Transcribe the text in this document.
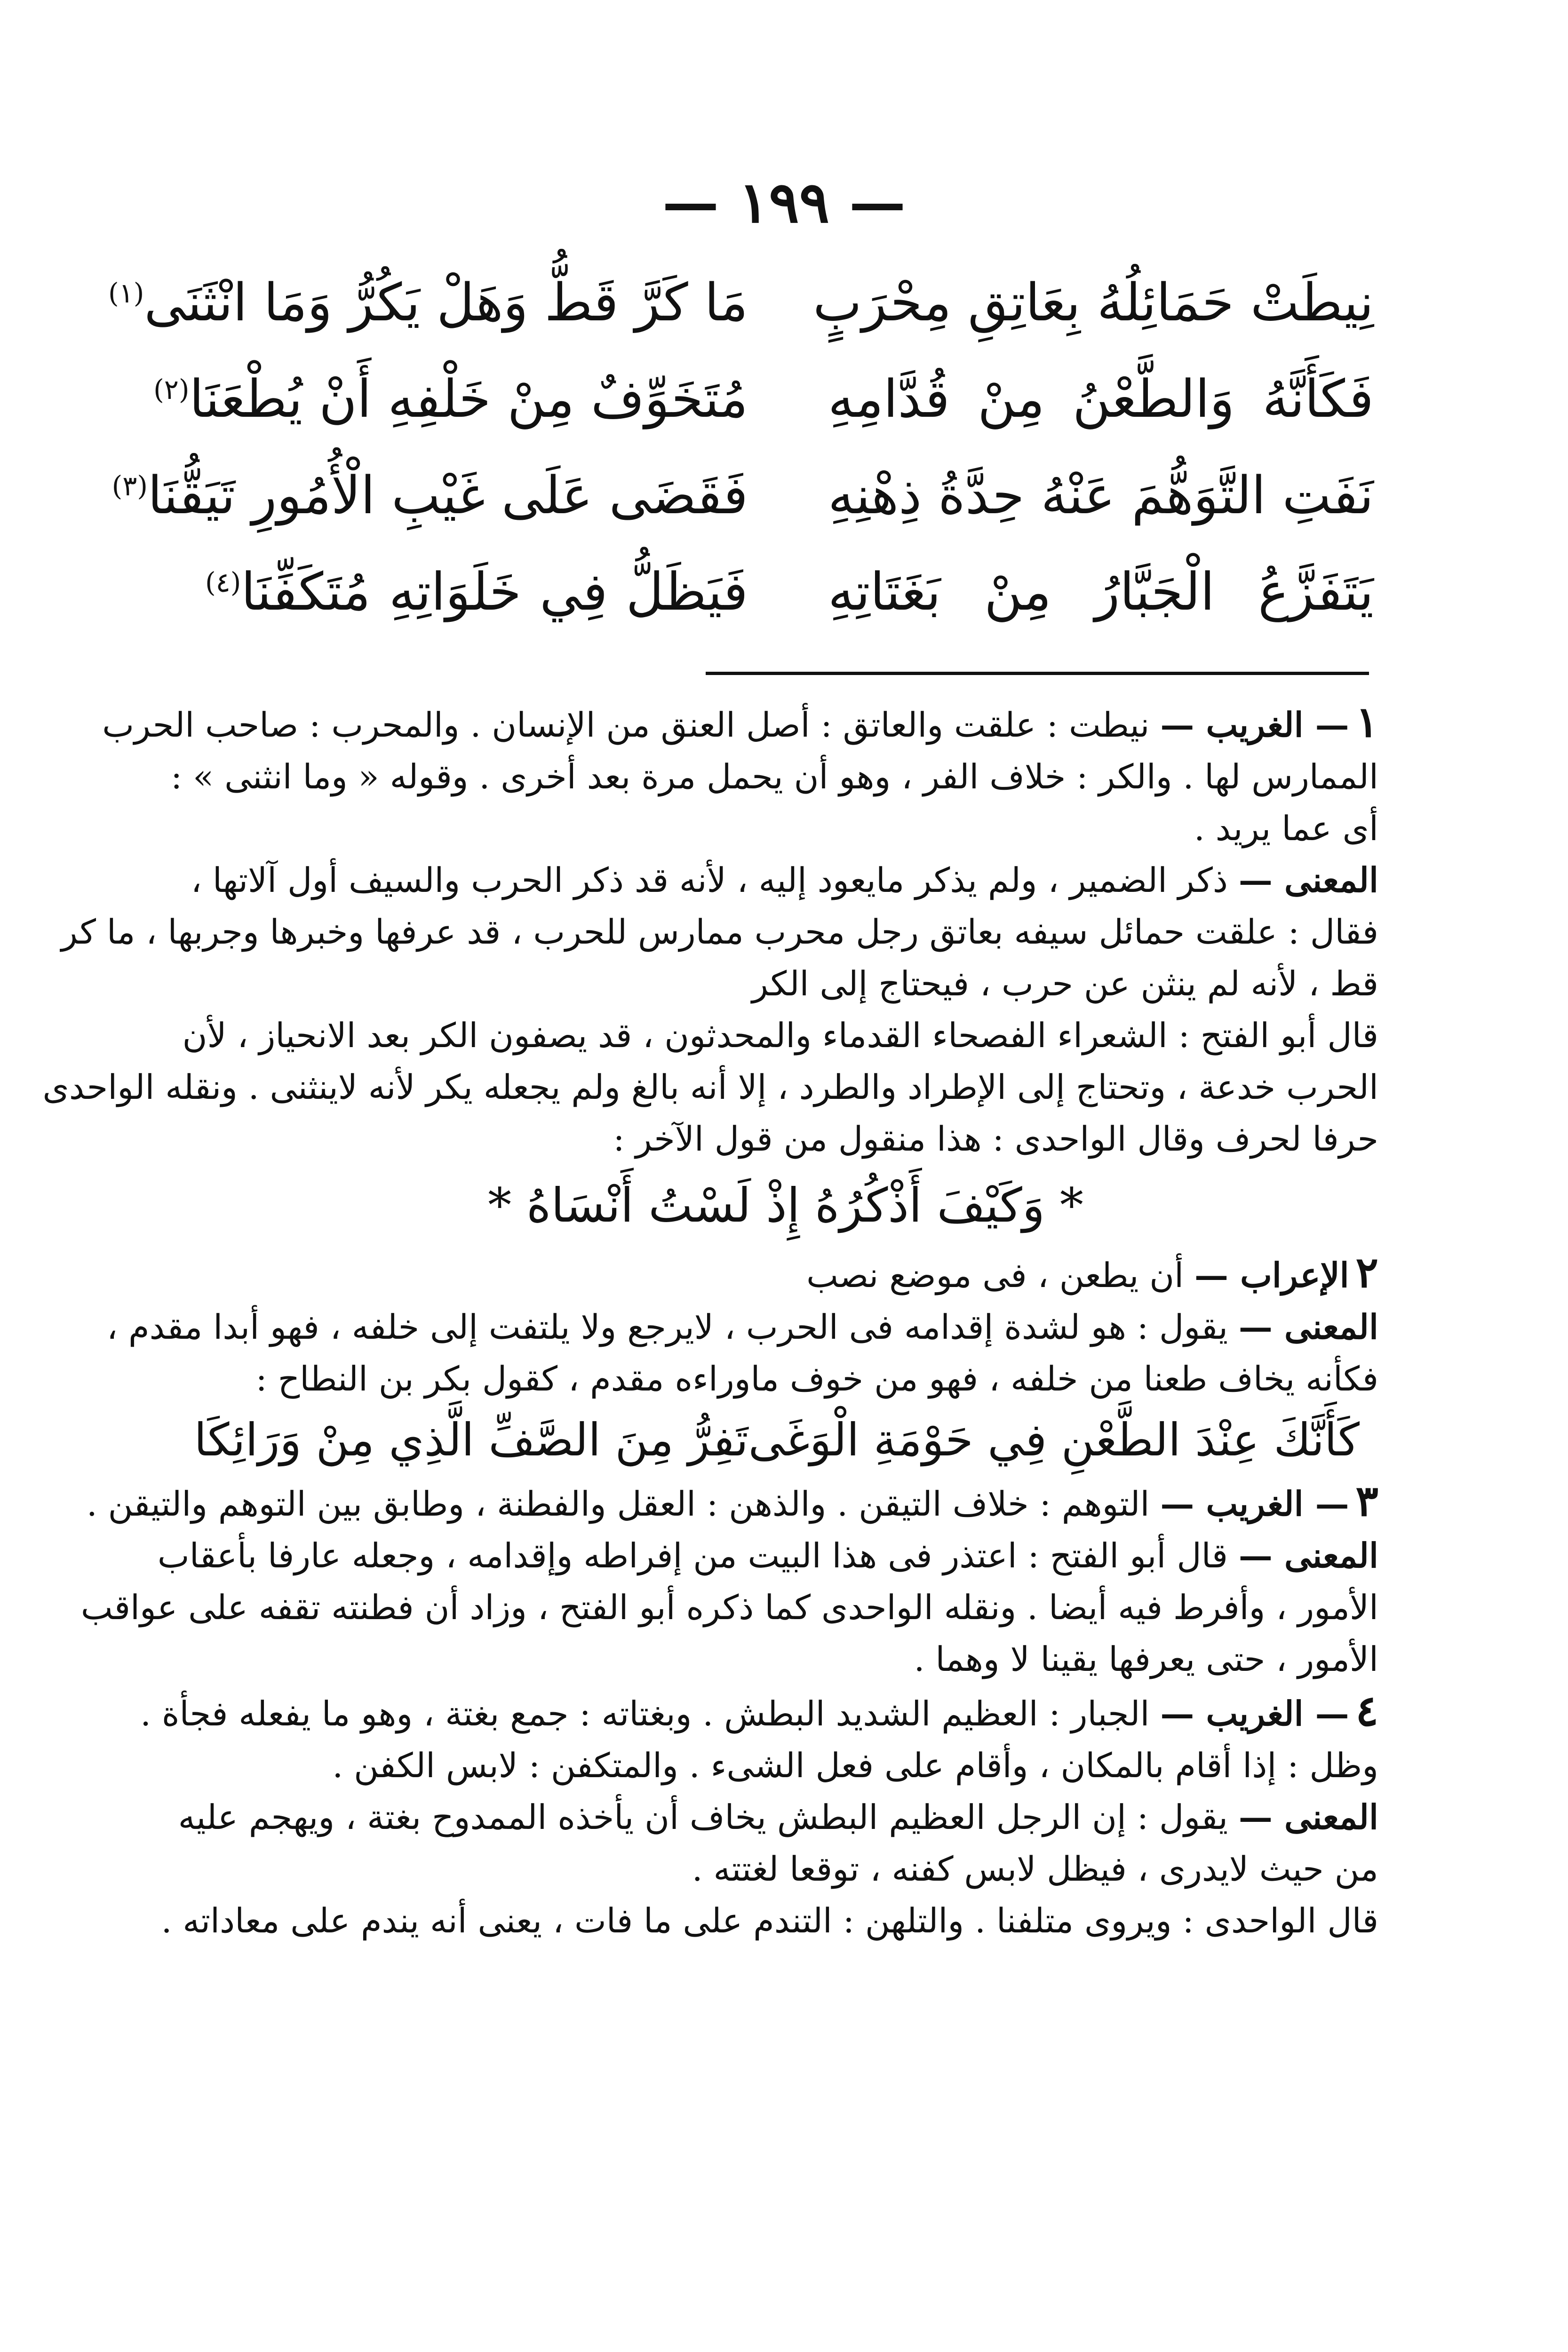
— ١٩٩ —
نِيطَتْ حَمَائِلُهُ بِعَاتِقِ مِحْرَبٍ
مَا كَرَّ قَطُّ وَهَلْ يَكُرُّ وَمَا انْثَنَى$^{(١)}$
فَكَأَنَّهُ وَالطَّعْنُ مِنْ قُدَّامِهِ
مُتَخَوِّفٌ مِنْ خَلْفِهِ أَنْ يُطْعَنَا$^{(٢)}$
نَفَتِ التَّوَهُّمَ عَنْهُ حِدَّةُ ذِهْنِهِ
فَقَضَى عَلَى غَيْبِ الْأُمُورِ تَيَقُّنَا$^{(٣)}$
يَتَفَزَّعُ الْجَبَّارُ مِنْ بَغَتَاتِهِ
فَيَظَلُّ فِي خَلَوَاتِهِ مُتَكَفِّنَا$^{(٤)}$

١— الغريب — نيطت : علقت والعاتق : أصل العنق من الإنسان . والمحرب : صاحب الحرب

الممارس لها . والكر : خلاف الفر ، وهو أن يحمل مرة بعد أخرى . وقوله « وما انثنى » :

أى عما يريد .

المعنى — ذكر الضمير ، ولم يذكر مايعود إليه ، لأنه قد ذكر الحرب والسيف أول آلاتها ،

فقال : علقت حمائل سيفه بعاتق رجل محرب ممارس للحرب ، قد عرفها وخبرها وجربها ، ما كر

قط ، لأنه لم ينثن عن حرب ، فيحتاج إلى الكر

قال أبو الفتح : الشعراء الفصحاء القدماء والمحدثون ، قد يصفون الكر بعد الانحياز ، لأن

الحرب خدعة ، وتحتاج إلى الإطراد والطرد ، إلا أنه بالغ ولم يجعله يكر لأنه لاينثنى . ونقله الواحدى

حرفا لحرف وقال الواحدى : هذا منقول من قول الآخر :

* وَكَيْفَ أَذْكُرُهُ إِذْ لَسْتُ أَنْسَاهُ *

٢الإعراب — أن يطعن ، فى موضع نصب

المعنى — يقول : هو لشدة إقدامه فى الحرب ، لايرجع ولا يلتفت إلى خلفه ، فهو أبدا مقدم ،

فكأنه يخاف طعنا من خلفه ، فهو من خوف ماوراءه مقدم ، كقول بكر بن النطاح :

كَأَنَّكَ عِنْدَ الطَّعْنِ فِي حَوْمَةِ الْوَغَى
تَفِرُّ مِنَ الصَّفِّ الَّذِي مِنْ وَرَائِكَا

٣— الغريب — التوهم : خلاف التيقن . والذهن : العقل والفطنة ، وطابق بين التوهم والتيقن .

المعنى — قال أبو الفتح : اعتذر فى هذا البيت من إفراطه وإقدامه ، وجعله عارفا بأعقاب

الأمور ، وأفرط فيه أيضا . ونقله الواحدى كما ذكره أبو الفتح ، وزاد أن فطنته تقفه على عواقب

الأمور ، حتى يعرفها يقينا لا وهما .

٤— الغريب — الجبار : العظيم الشديد البطش . وبغتاته : جمع بغتة ، وهو ما يفعله فجأة .

وظل : إذا أقام بالمكان ، وأقام على فعل الشىء . والمتكفن : لابس الكفن .

المعنى — يقول : إن الرجل العظيم البطش يخاف أن يأخذه الممدوح بغتة ، ويهجم عليه

من حيث لايدرى ، فيظل لابس كفنه ، توقعا لغتته .

قال الواحدى : ويروى متلفنا . والتلهن : التندم على ما فات ، يعنى أنه يندم على معاداته .
